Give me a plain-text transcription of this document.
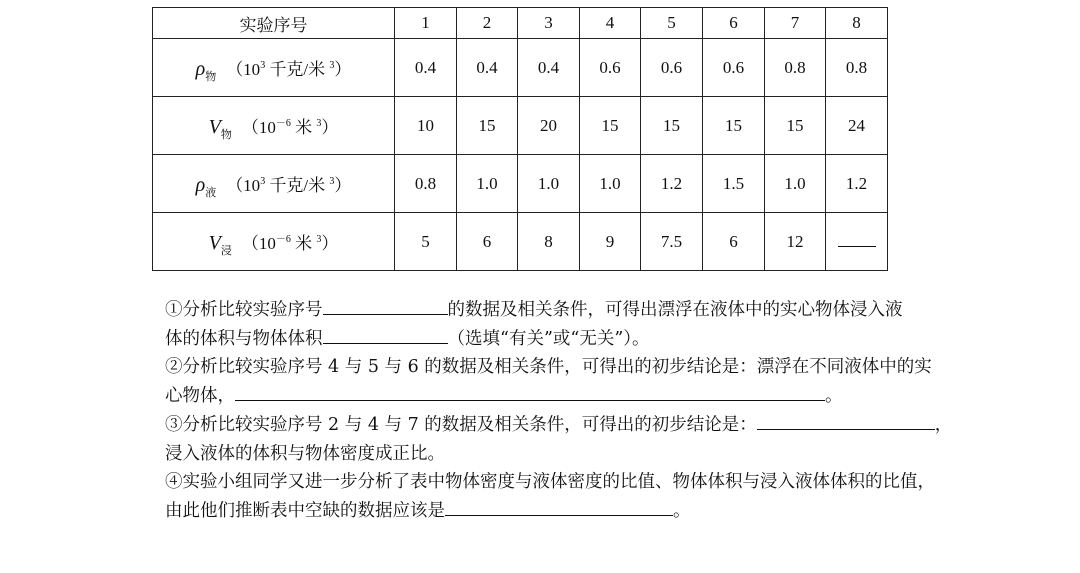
实验序号	1	2	3	4	5	6	7	8
$\rho_物$ （$10^3$ 千克/米 $^3$）	0.4	0.4	0.4	0.6	0.6	0.6	0.8	0.8
$V_物$ （$10^{-6}$ 米 $^3$）	10	15	20	15	15	15	15	24
$\rho_液$ （$10^3$ 千克/米 $^3$）	0.8	1.0	1.0	1.0	1.2	1.5	1.0	1.2
$V_浸$ （$10^{-6}$ 米 $^3$）	5	6	8	9	7.5	6	12	

①分析比较实验序号	的数据及相关条件，可得出漂浮在液体中的实心物体浸入液

体的体积与物体体积	（选填“有关”或“无关”）。

②分析比较实验序号 4 与 5 与 6 的数据及相关条件，可得出的初步结论是：漂浮在不同液体中的实

心物体，	。

③分析比较实验序号 2 与 4 与 7 的数据及相关条件，可得出的初步结论是：	，

浸入液体的体积与物体密度成正比。

④实验小组同学又进一步分析了表中物体密度与液体密度的比值、物体体积与浸入液体体积的比值，

由此他们推断表中空缺的数据应该是	。
